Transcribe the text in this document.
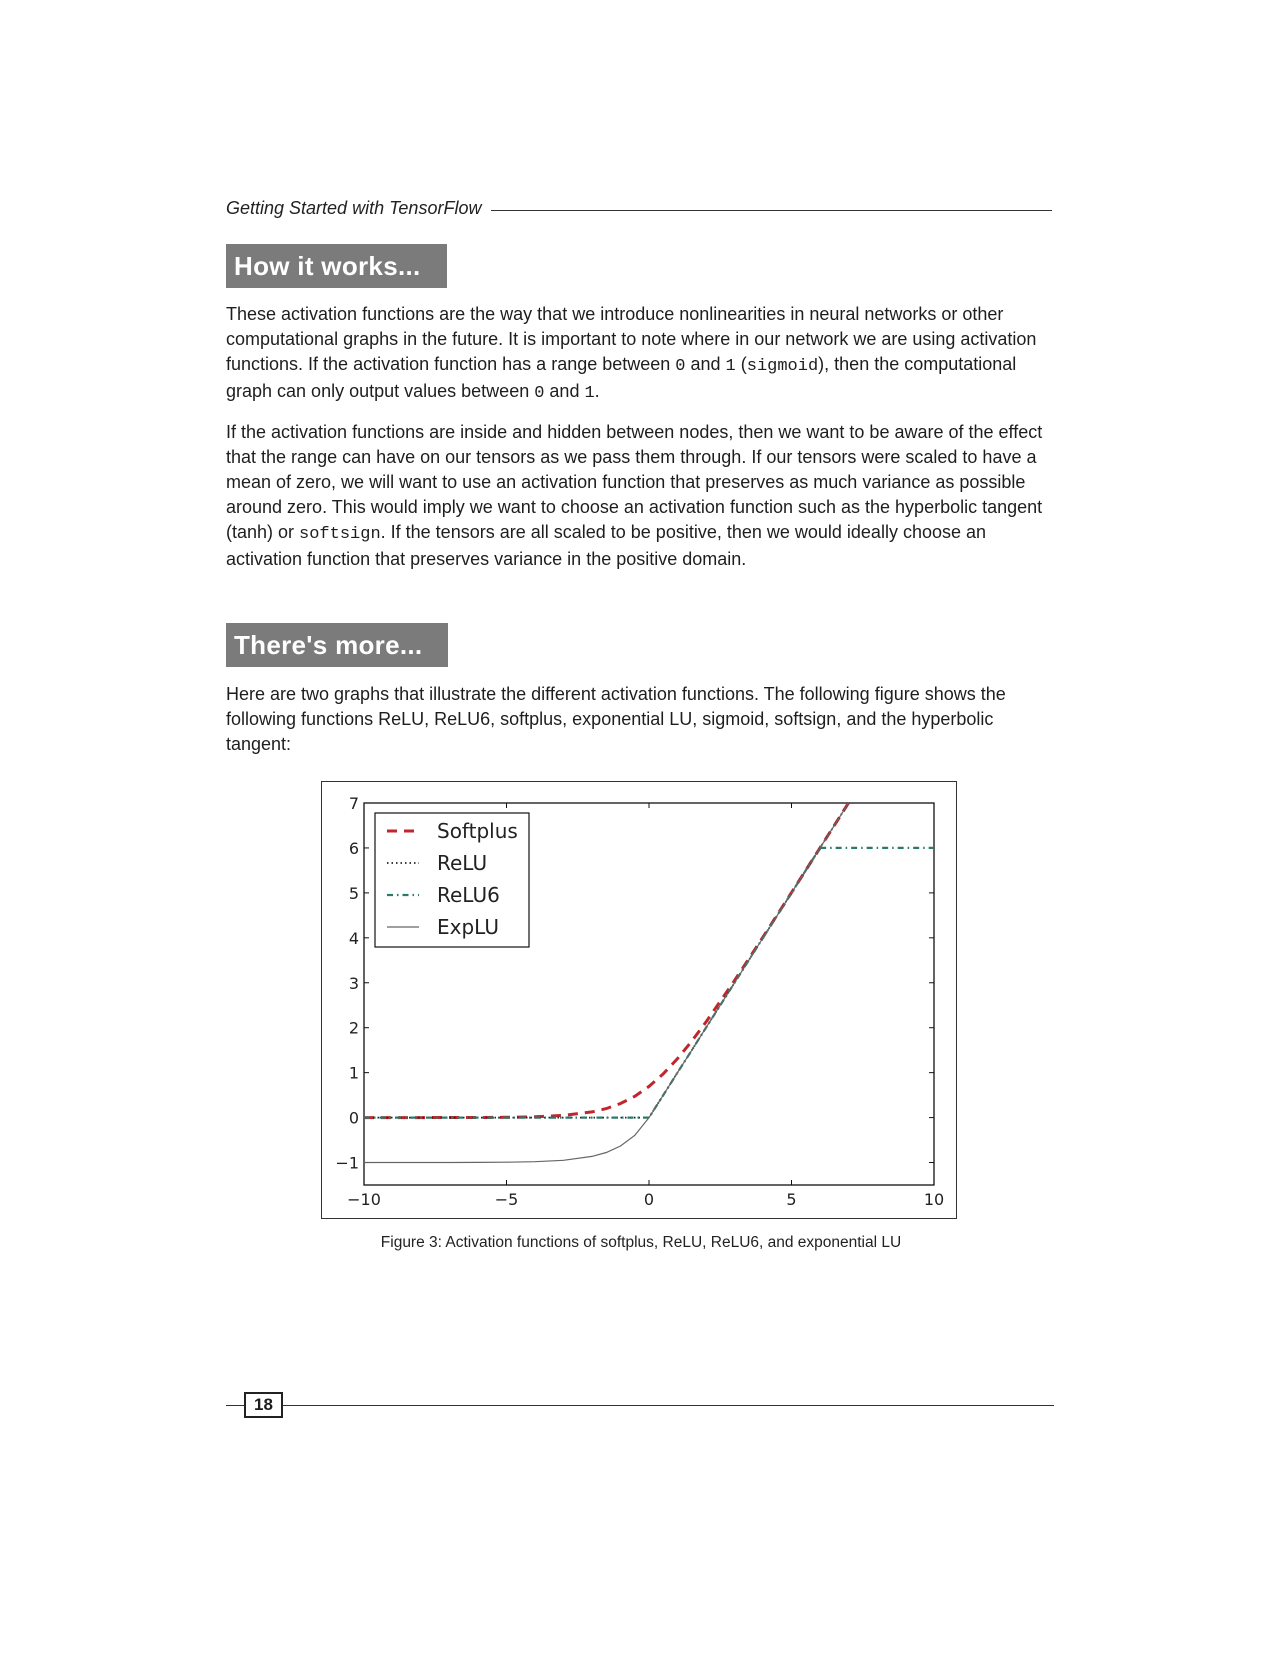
Getting Started with TensorFlow
How it works...

These activation functions are the way that we introduce nonlinearities in neural networks or other computational graphs in the future. It is important to note where in our network we are using activation functions. If the activation function has a range between 0 and 1 (sigmoid), then the computational graph can only output values between 0 and 1.

If the activation functions are inside and hidden between nodes, then we want to be aware of the effect that the range can have on our tensors as we pass them through. If our tensors were scaled to have a mean of zero, we will want to use an activation function that preserves as much variance as possible around zero. This would imply we want to choose an activation function such as the hyperbolic tangent (tanh) or softsign. If the tensors are all scaled to be positive, then we would ideally choose an activation function that preserves variance in the positive domain.

There's more...

Here are two graphs that illustrate the different activation functions. The following figure shows the following functions ReLU, ReLU6, softplus, exponential LU, sigmoid, softsign, and the hyperbolic tangent:

−10	−5	0	5	10
−1
0
1
2
3
4
5
6
7
Softplus
ReLU
ReLU6
ExpLU
Figure 3: Activation functions of softplus, ReLU, ReLU6, and exponential LU
18
